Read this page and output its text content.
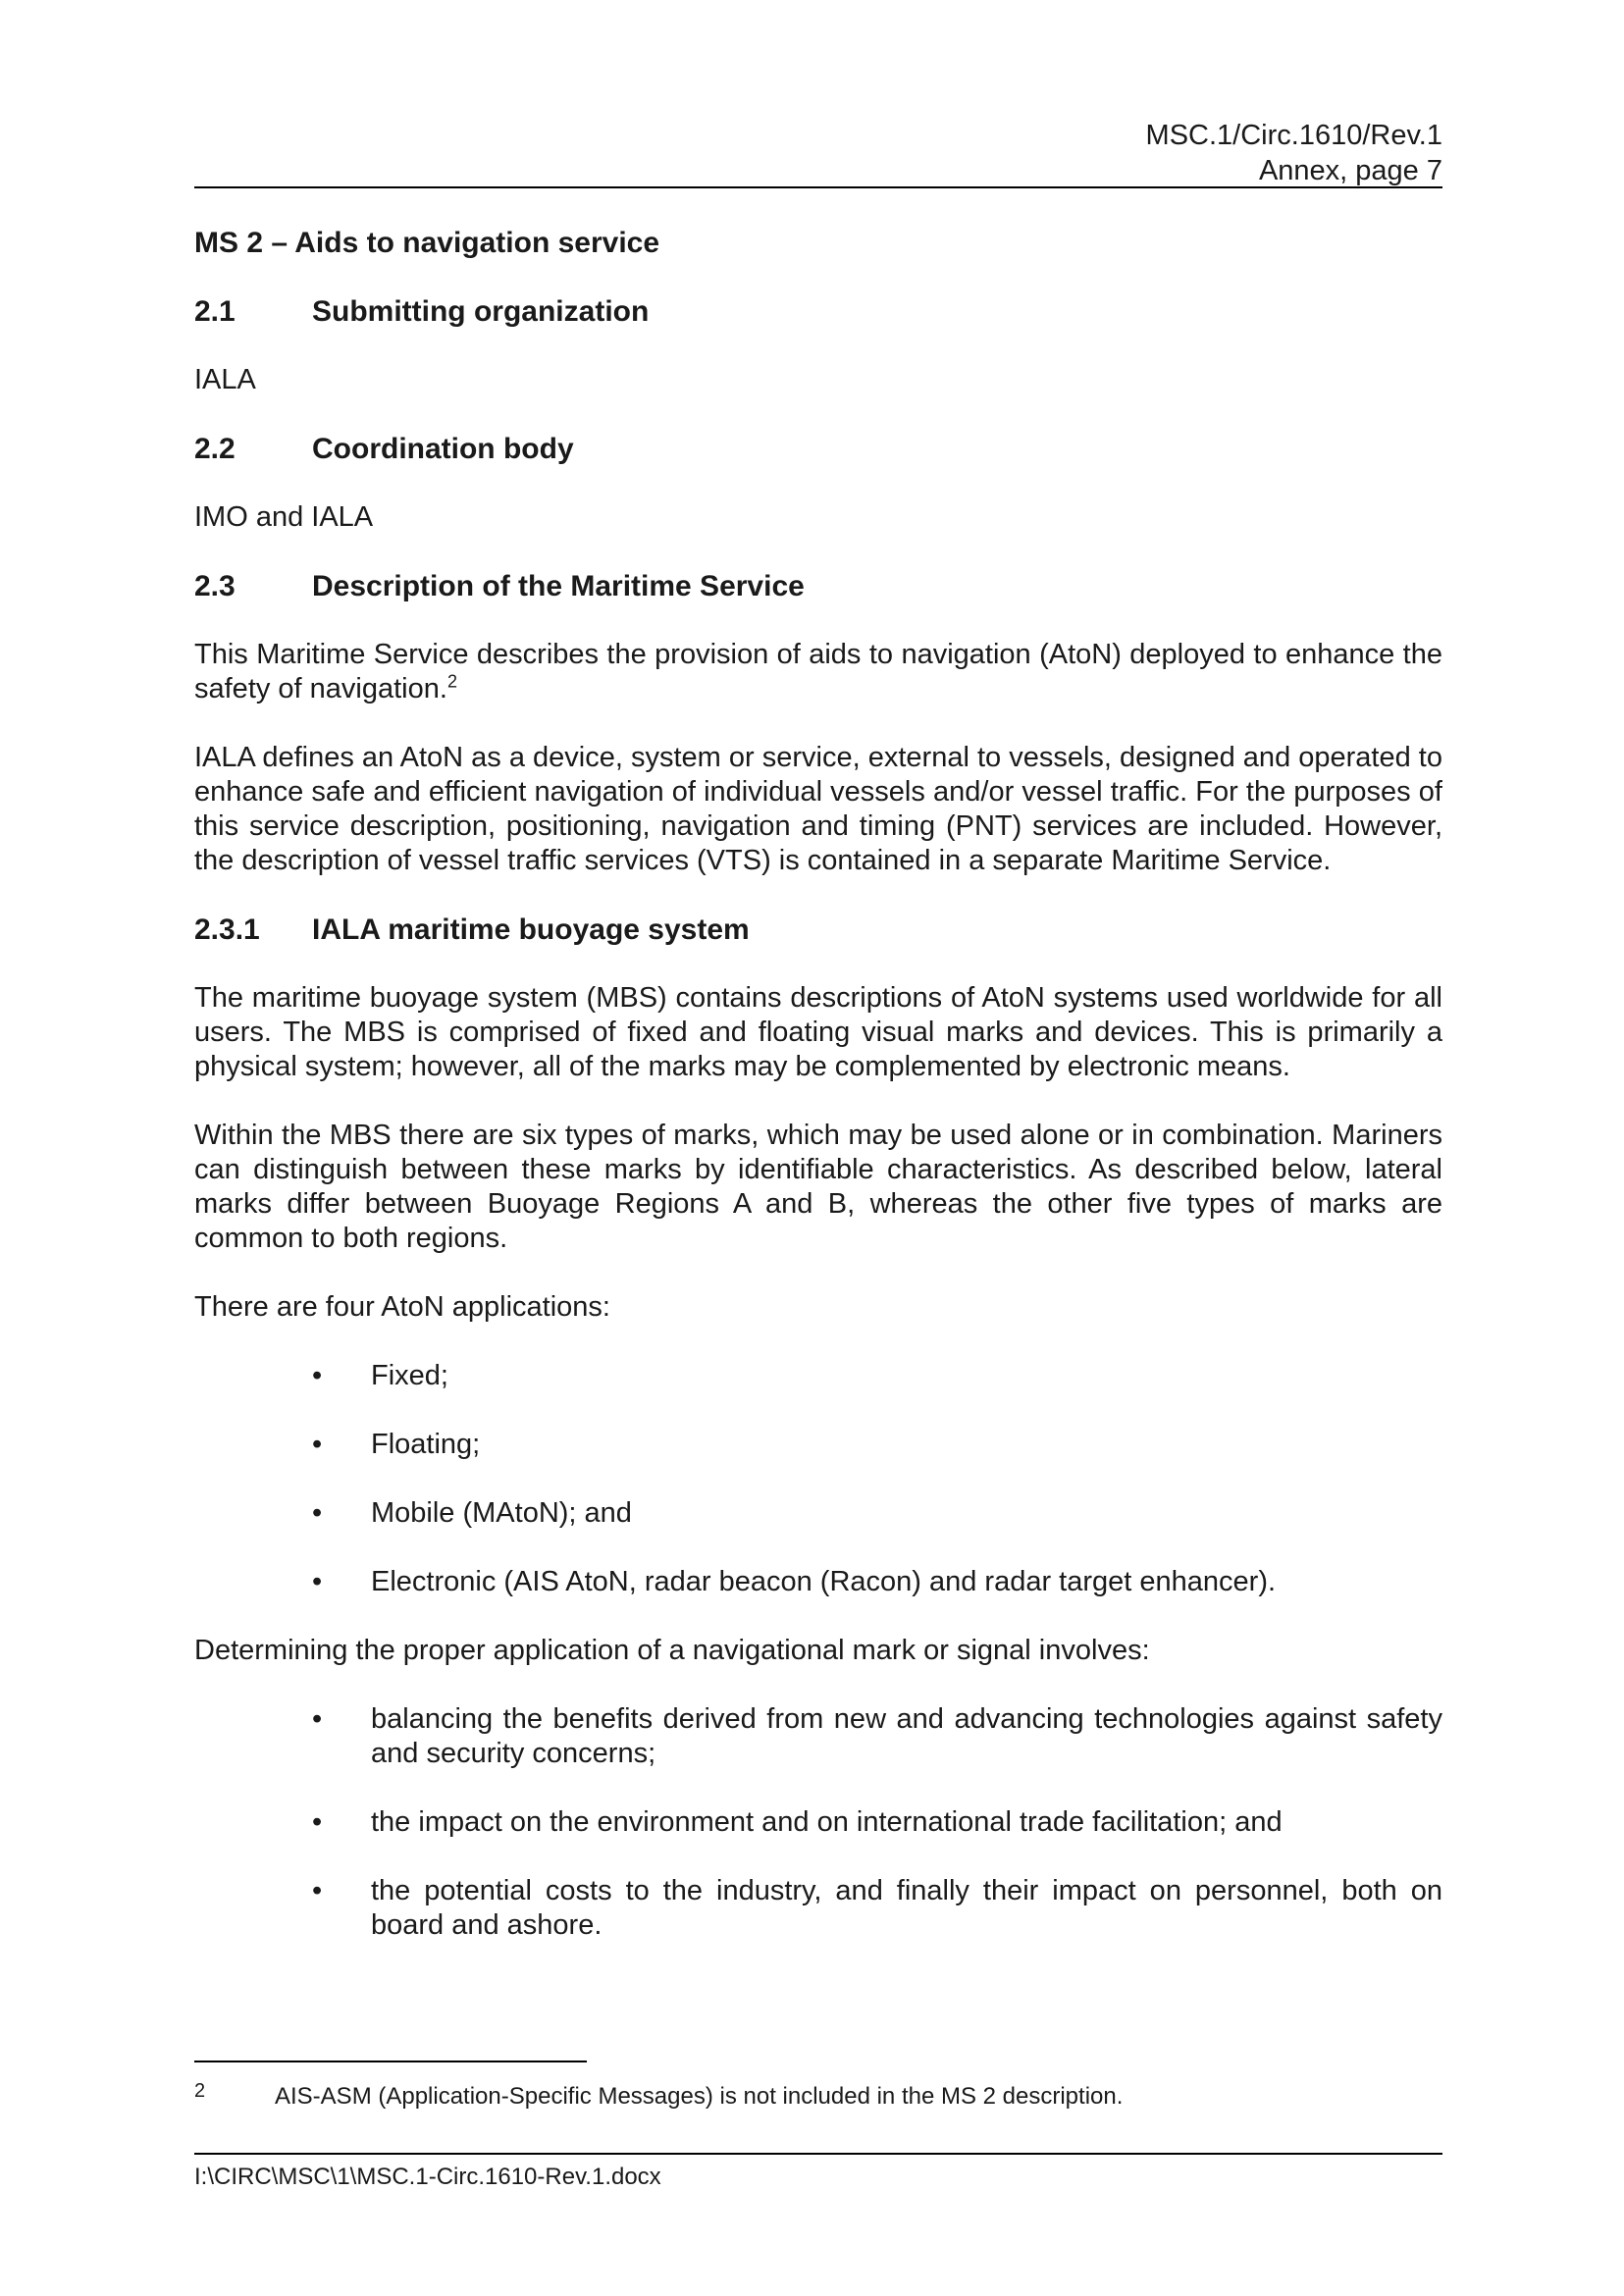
MSC.1/Circ.1610/Rev.1
Annex, page 7

MS 2 – Aids to navigation service

2.1	Submitting organization

IALA

2.2	Coordination body

IMO and IALA

2.3	Description of the Maritime Service

This Maritime Service describes the provision of aids to navigation (AtoN) deployed to enhance the safety of navigation.$^2$

IALA defines an AtoN as a device, system or service, external to vessels, designed and operated to enhance safe and efficient navigation of individual vessels and/or vessel traffic. For the purposes of this service description, positioning, navigation and timing (PNT) services are included. However, the description of vessel traffic services (VTS) is contained in a separate Maritime Service.

2.3.1 IALA maritime buoyage system

The maritime buoyage system (MBS) contains descriptions of AtoN systems used worldwide for all users. The MBS is comprised of fixed and floating visual marks and devices. This is primarily a physical system; however, all of the marks may be complemented by electronic means.

Within the MBS there are six types of marks, which may be used alone or in combination. Mariners can distinguish between these marks by identifiable characteristics. As described below, lateral marks differ between Buoyage Regions A and B, whereas the other five types of marks are common to both regions.

There are four AtoN applications:

• Fixed;
• Floating;
• Mobile (MAtoN); and
• Electronic (AIS AtoN, radar beacon (Racon) and radar target enhancer).

Determining the proper application of a navigational mark or signal involves:

• balancing the benefits derived from new and advancing technologies against safety and security concerns;
• the impact on the environment and on international trade facilitation; and
• the potential costs to the industry, and finally their impact on personnel, both on board and ashore.
2	AIS-ASM (Application-Specific Messages) is not included in the MS 2 description.
I:\CIRC\MSC\1\MSC.1-Circ.1610-Rev.1.docx
